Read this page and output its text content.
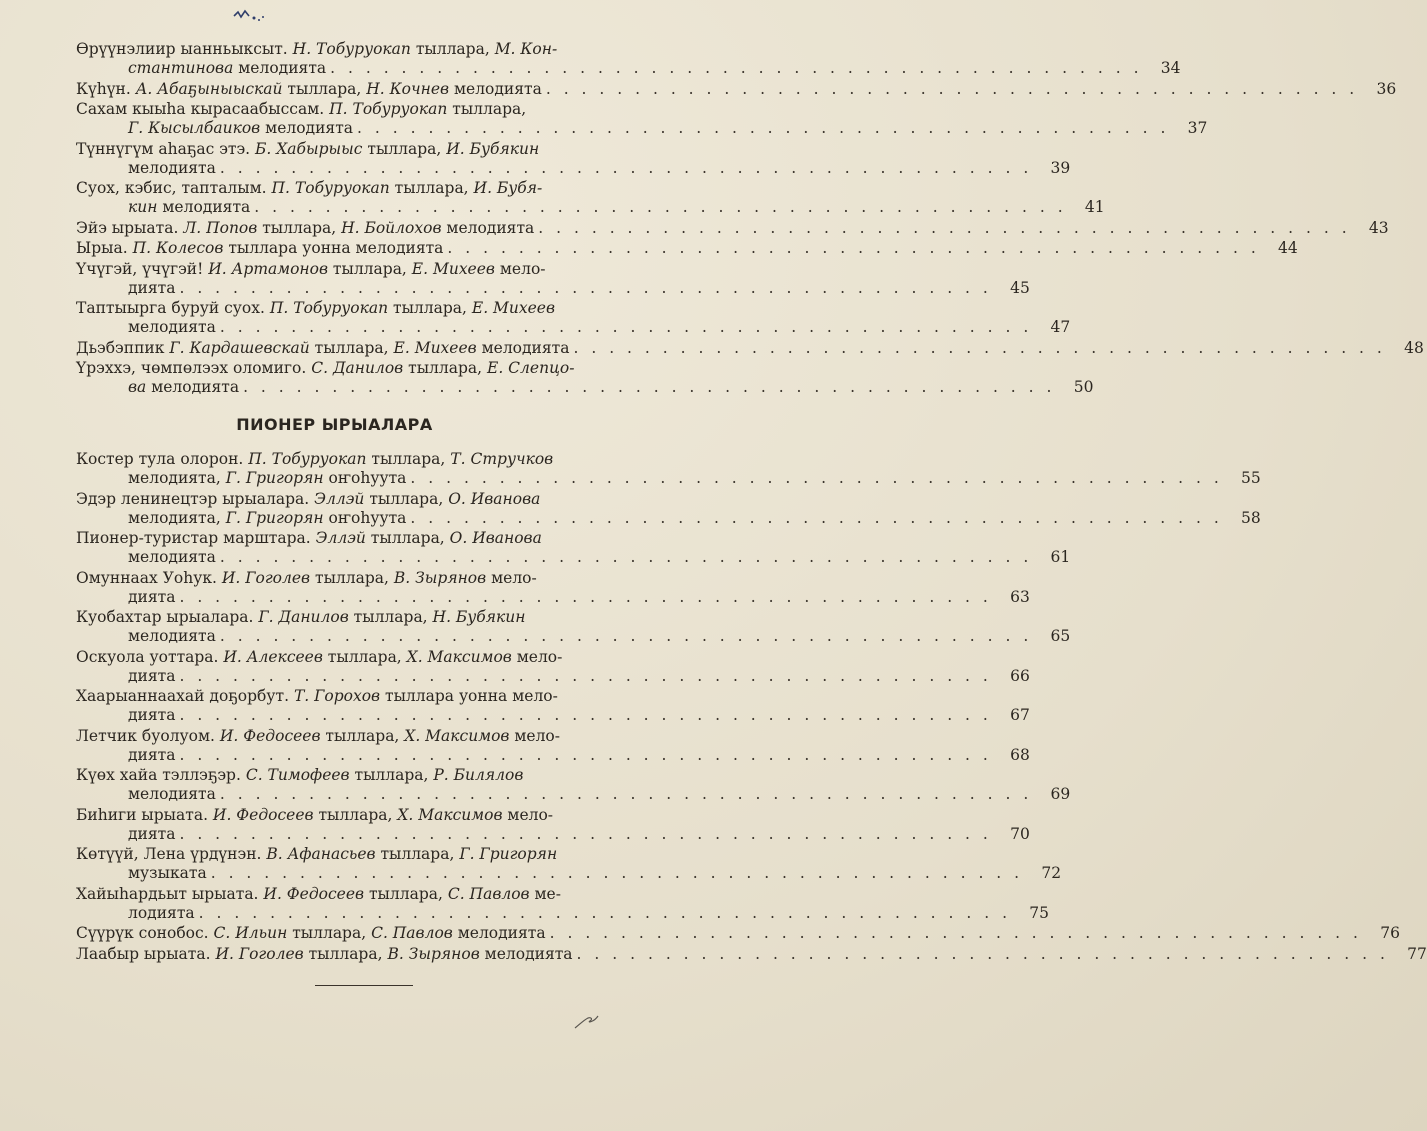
Өрүүнэлиир ыанньыксыт. Н. Тобуруокап тыллара, М. Кон-
стантинова мелодията . . .	34
Күһүн. А. Абаҕыныыскай тыллара, Н. Кочнев мелодията . . .	36
Сахам кыыһа кырасаабыссам. П. Тобуруокап тыллара,
Г. Кысылбаиков мелодията . . .	37
Түннүгүм аһаҕас этэ. Б. Хабырыыс тыллара, И. Бубякин
мелодията . . .	39
Суох, кэбис, тапталым. П. Тобуруокап тыллара, И. Бубя-
кин мелодията . . .	41
Эйэ ырыата. Л. Попов тыллара, Н. Бойлохов мелодията . . .	43
Ырыа. П. Колесов тыллара уонна мелодията . . .	44
Үчүгэй, үчүгэй! И. Артамонов тыллара, Е. Михеев мело-
дията . . .	45
Таптыырга буруй суох. П. Тобуруокап тыллара, Е. Михеев
мелодиятa . . .	47
Дьэбэппик Г. Кардашевскай тыллара, Е. Михеев мелодията . . .	48
Үрэххэ, чөмпөлээх оломиго. С. Данилов тыллара, Е. Слепцо-
ва мелодията . . .	50
ПИОНЕР ЫРЫАЛАРА
Костер тула олорон. П. Тобуруокап тыллара, Т. Стручков
мелодията, Г. Григорян оҥоһуута . . .	55
Эдэр ленинецтэр ырыалара. Эллэй тыллара, О. Иванова
мелодията, Г. Григорян оҥоһуута . . .	58
Пионер-туристар марштара. Эллэй тыллара, О. Иванова
мелодията . . .	61
Омуннаах Уоһук. И. Гоголев тыллара, В. Зырянов мело-
дията . . .	63
Куобахтар ырыалара. Г. Данилов тыллара, Н. Бубякин
мелодията . . .	65
Оскуола уоттара. И. Алексеев тыллара, Х. Максимов мело-
дията . . .	66
Хаарыаннаахай доҕорбут. Т. Горохов тыллара уонна мело-
дията . . .	67
Летчик буолуом. И. Федосеев тыллара, Х. Максимов мело-
дията . . .	68
Күөх хайа тэллэҕэр. С. Тимофеев тыллара, Р. Билялов
мелодията . . .	69
Биһиги ырыата. И. Федосеев тыллара, Х. Максимов мело-
дията . . .	70
Көтүүй, Лена үрдүнэн. В. Афанасьев тыллара, Г. Григорян
музыката . . .	72
Хайыһардьыт ырыата. И. Федосеев тыллара, С. Павлов ме-
лодията . . .	75
Сүүрүк сонобос. С. Ильин тыллара, С. Павлов мелодията . . .	76
Лаабыр ырыата. И. Гоголев тыллара, В. Зырянов мелодията . . .	77
